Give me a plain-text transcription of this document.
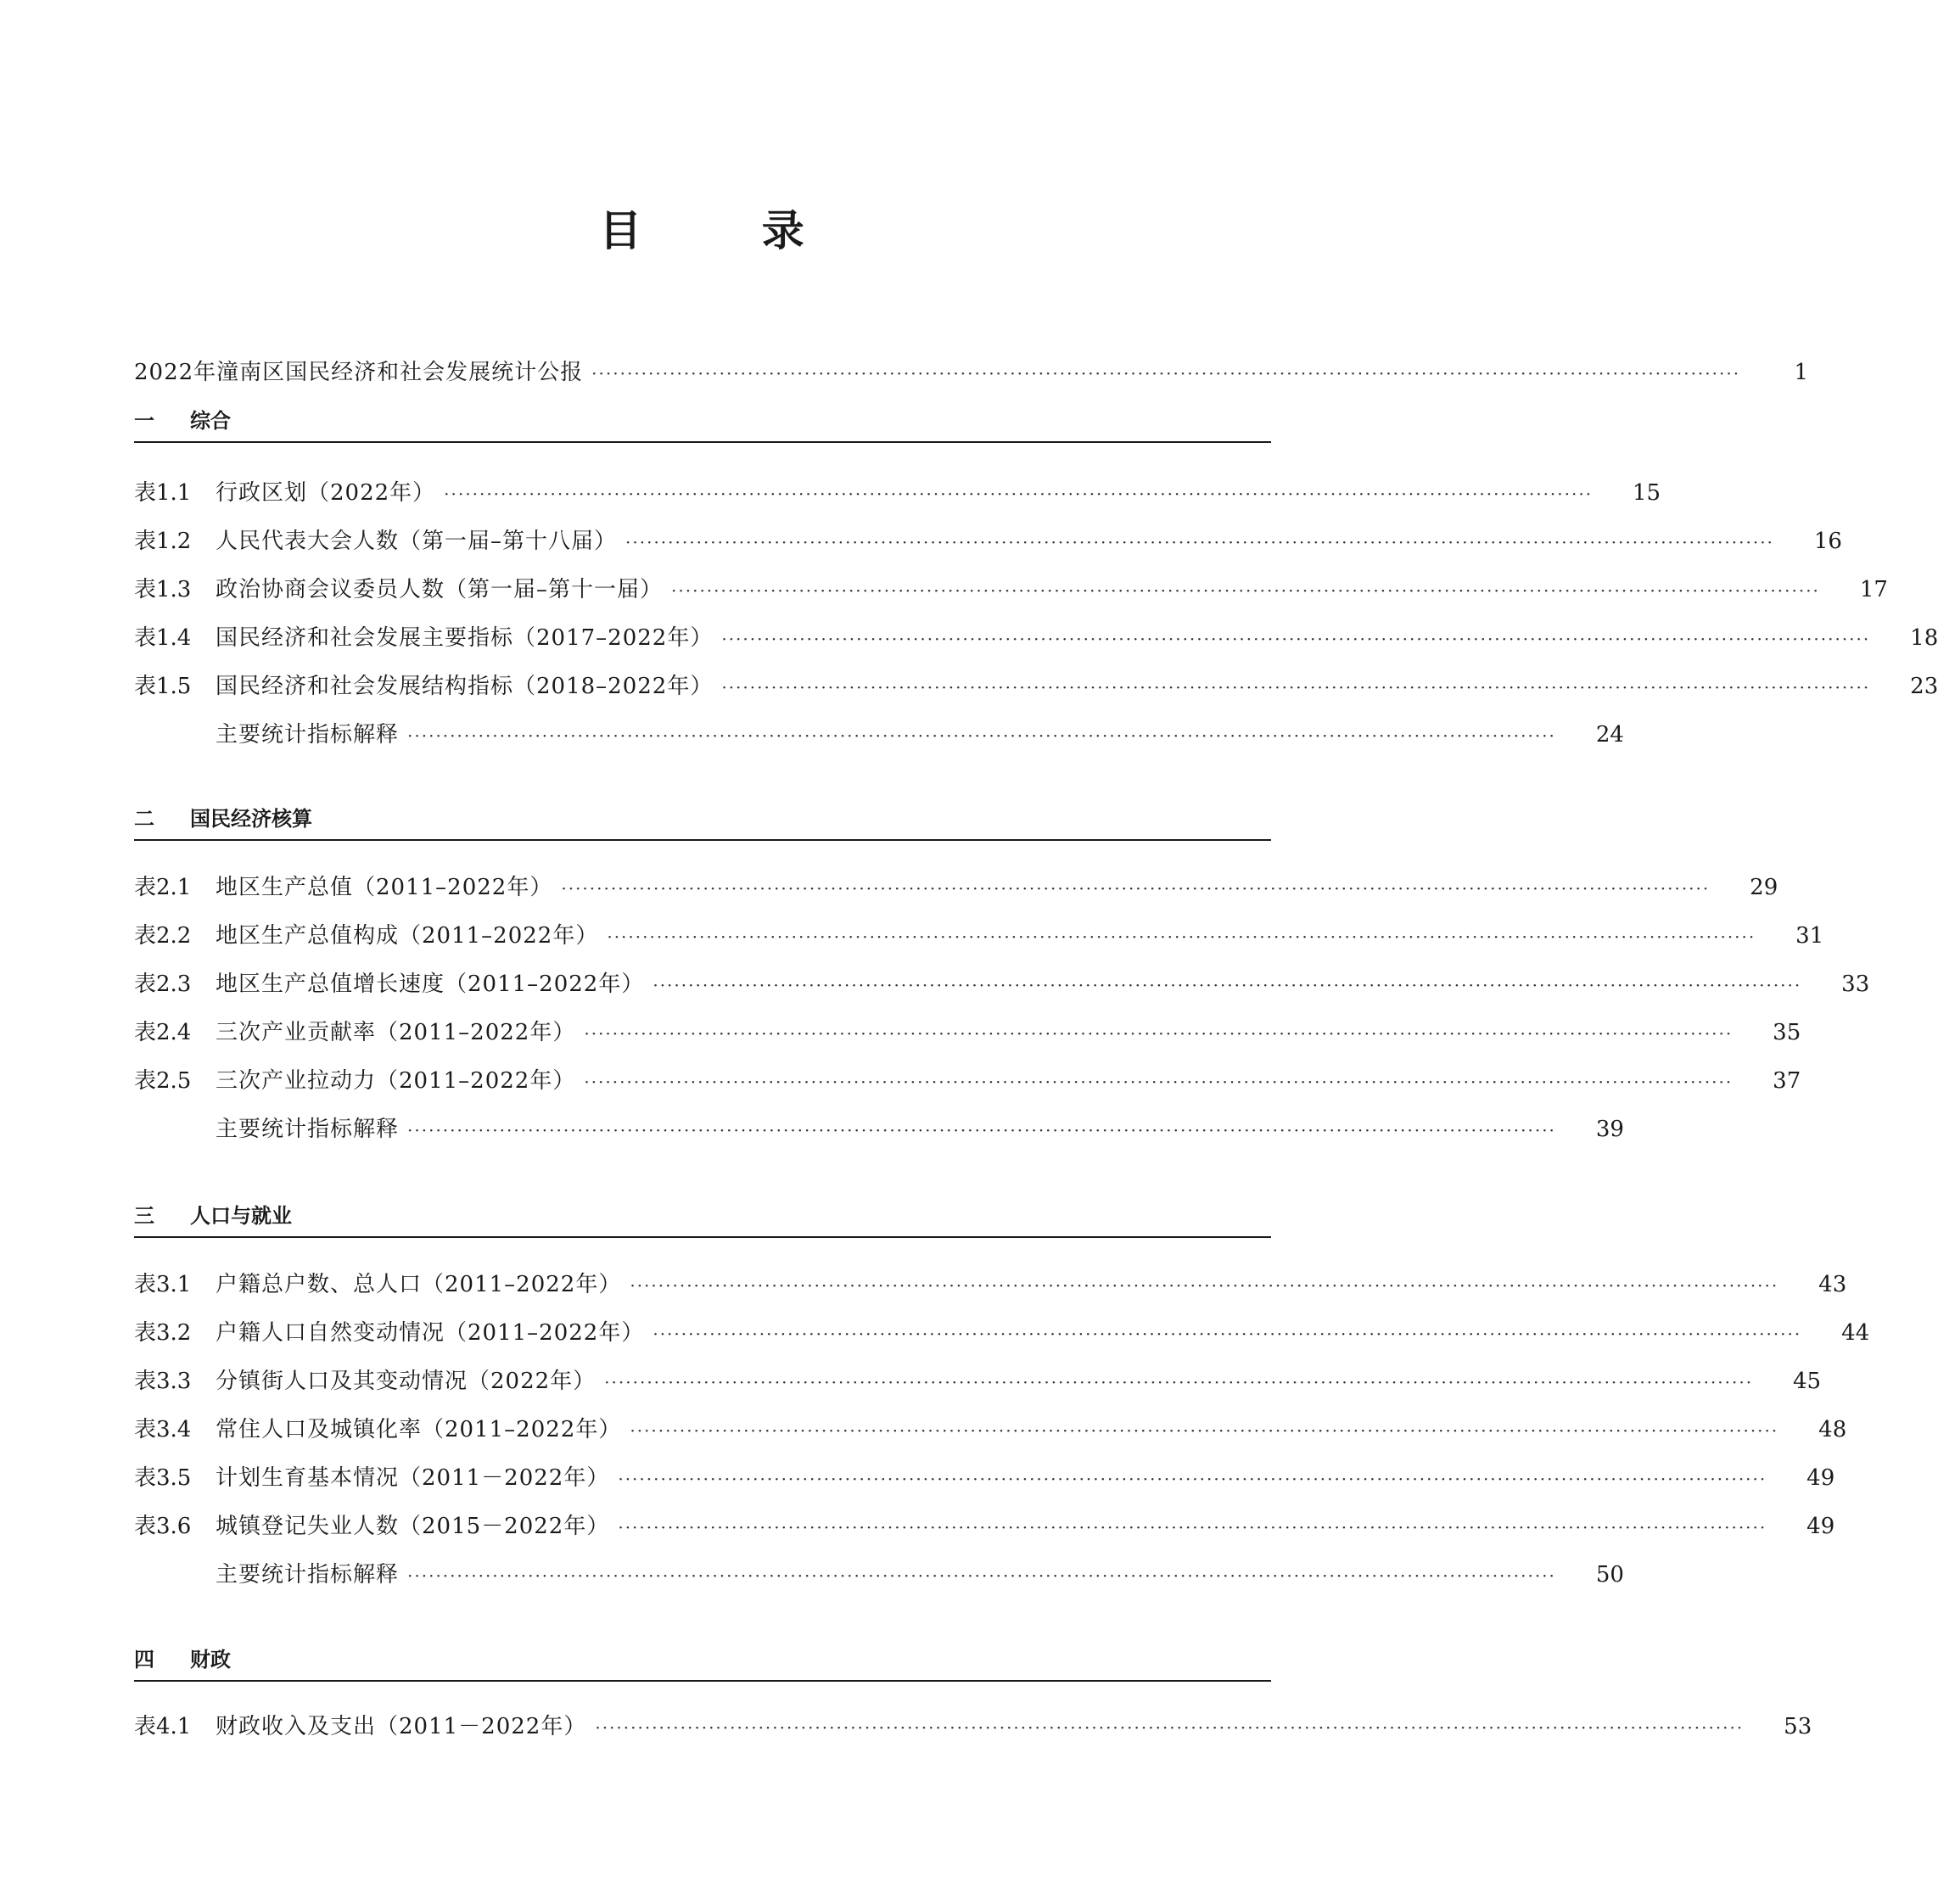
目 录
2022年潼南区国民经济和社会发展统计公报 ··································································································································································	1
一	综合
表1.1	行政区划（2022年） ··································································································································································	15
表1.2	人民代表大会人数（第一届–第十八届） ··································································································································································	16
表1.3	政治协商会议委员人数（第一届–第十一届） ··································································································································································	17
表1.4	国民经济和社会发展主要指标（2017–2022年） ··································································································································································	18
表1.5	国民经济和社会发展结构指标（2018–2022年） ··································································································································································	23
主要统计指标解释 ··································································································································································	24
二	国民经济核算
表2.1	地区生产总值（2011–2022年） ··································································································································································	29
表2.2	地区生产总值构成（2011–2022年） ··································································································································································	31
表2.3	地区生产总值增长速度（2011–2022年） ··································································································································································	33
表2.4	三次产业贡献率（2011–2022年） ··································································································································································	35
表2.5	三次产业拉动力（2011–2022年） ··································································································································································	37
主要统计指标解释 ··································································································································································	39
三	人口与就业
表3.1	户籍总户数、总人口（2011–2022年） ··································································································································································	43
表3.2	户籍人口自然变动情况（2011–2022年） ··································································································································································	44
表3.3	分镇街人口及其变动情况（2022年） ··································································································································································	45
表3.4	常住人口及城镇化率（2011–2022年） ··································································································································································	48
表3.5	计划生育基本情况（2011－2022年） ··································································································································································	49
表3.6	城镇登记失业人数（2015－2022年） ··································································································································································	49
主要统计指标解释 ··································································································································································	50
四	财政
表4.1	财政收入及支出（2011－2022年） ··································································································································································	53
